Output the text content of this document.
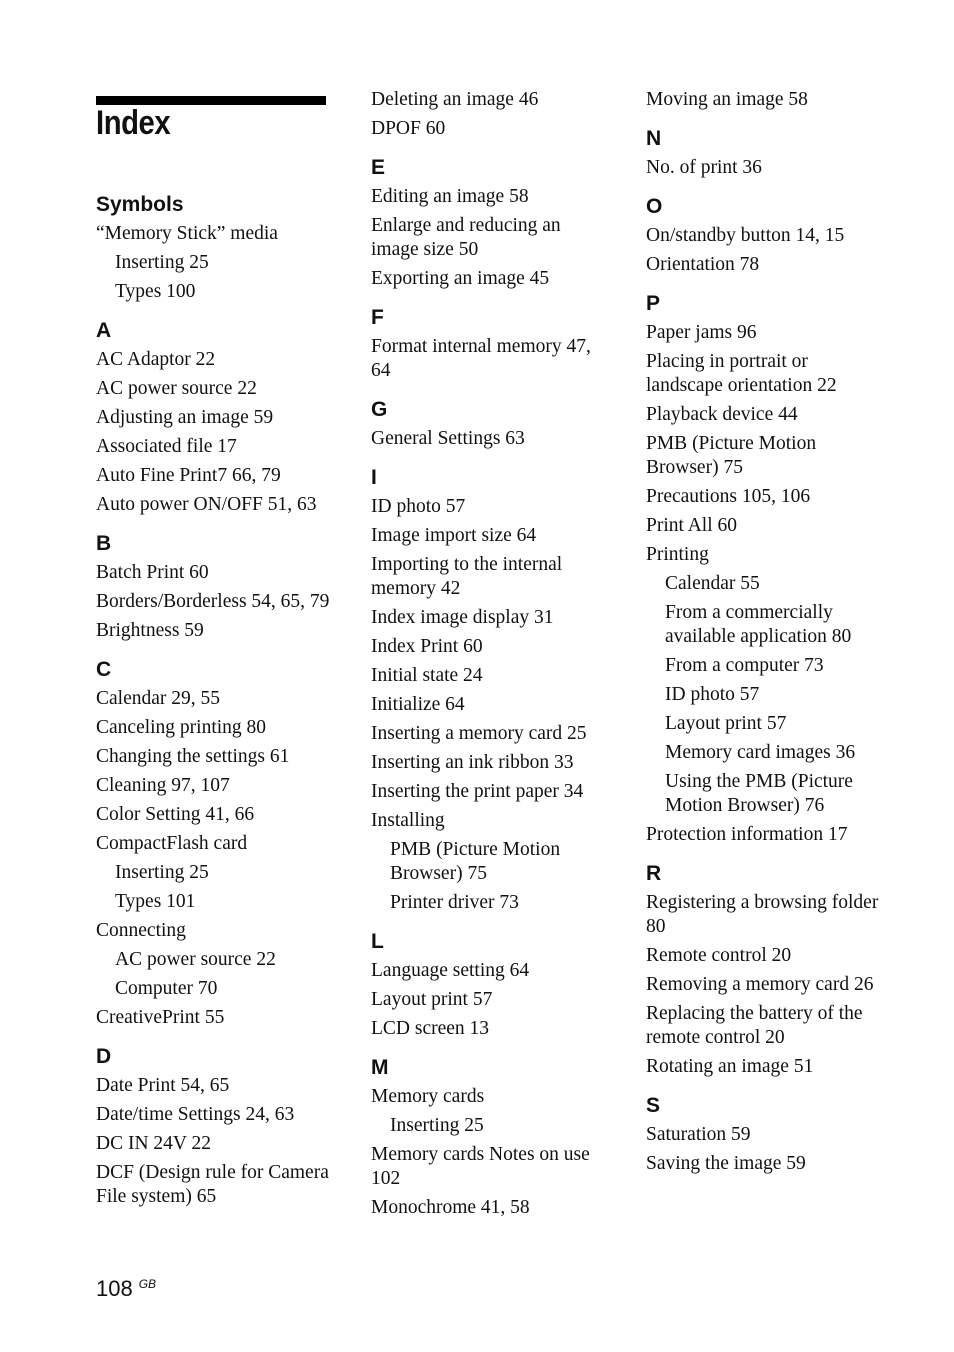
Index
Symbols
“Memory Stick” media
Inserting 25
Types 100
A
AC Adaptor 22
AC power source 22
Adjusting an image 59
Associated file 17
Auto Fine Print7 66, 79
Auto power ON/OFF 51, 63
B
Batch Print 60
Borders/Borderless 54, 65, 79
Brightness 59
C
Calendar 29, 55
Canceling printing 80
Changing the settings 61
Cleaning 97, 107
Color Setting 41, 66
CompactFlash card
Inserting 25
Types 101
Connecting
AC power source 22
Computer 70
CreativePrint 55
D
Date Print 54, 65
Date/time Settings 24, 63
DC IN 24V 22
DCF (Design rule for Camera File system) 65
Deleting an image 46
DPOF 60
E
Editing an image 58
Enlarge and reducing an image size 50
Exporting an image 45
F
Format internal memory 47, 64
G
General Settings 63
I
ID photo 57
Image import size 64
Importing to the internal memory 42
Index image display 31
Index Print 60
Initial state 24
Initialize 64
Inserting a memory card 25
Inserting an ink ribbon 33
Inserting the print paper 34
Installing
PMB (Picture Motion Browser) 75
Printer driver 73
L
Language setting 64
Layout print 57
LCD screen 13
M
Memory cards
Inserting 25
Memory cards Notes on use 102
Monochrome 41, 58
Moving an image 58
N
No. of print 36
O
On/standby button 14, 15
Orientation 78
P
Paper jams 96
Placing in portrait or landscape orientation 22
Playback device 44
PMB (Picture Motion Browser) 75
Precautions 105, 106
Print All 60
Printing
Calendar 55
From a commercially available application 80
From a computer 73
ID photo 57
Layout print 57
Memory card images 36
Using the PMB (Picture Motion Browser) 76
Protection information 17
R
Registering a browsing folder 80
Remote control 20
Removing a memory card 26
Replacing the battery of the remote control 20
Rotating an image 51
S
Saturation 59
Saving the image 59
108 $^{GB}$
